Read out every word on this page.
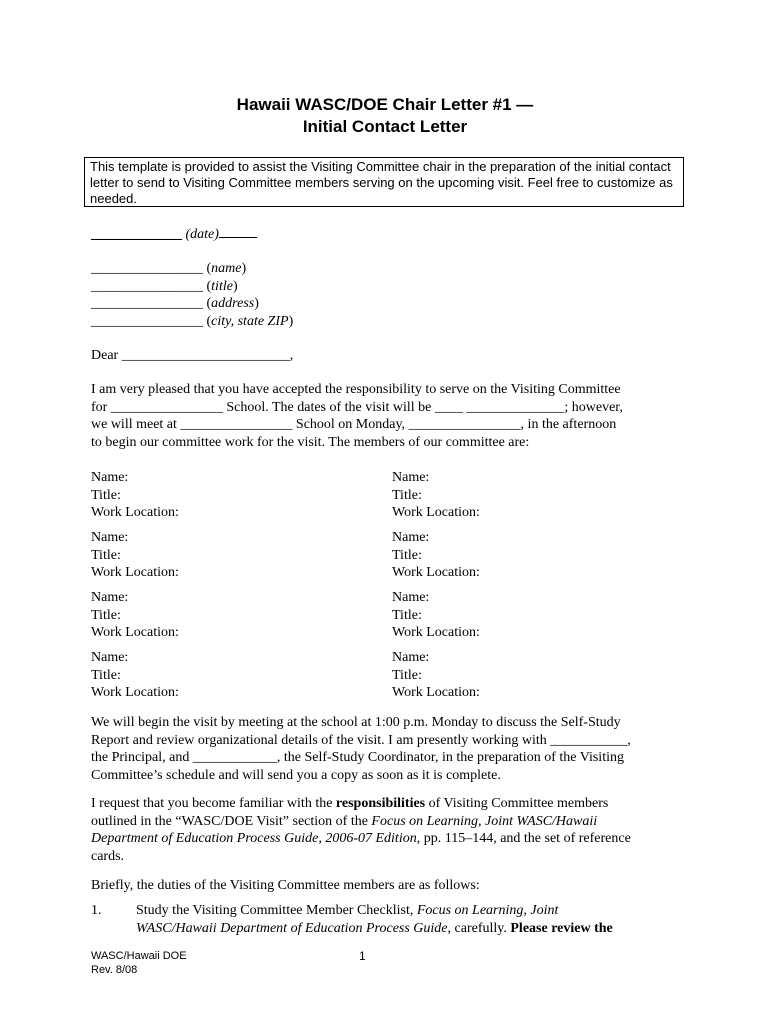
Hawaii WASC/DOE Chair Letter #1 —
Initial Contact Letter
This template is provided to assist the Visiting Committee chair in the preparation of the initial contact letter to send to Visiting Committee members serving on the upcoming visit. Feel free to customize as needed.
_____________ (date)
________________ (name)
________________ (title)
________________ (address)
________________ (city, state ZIP)
Dear ________________________,
I am very pleased that you have accepted the responsibility to serve on the Visiting Committee
for ________________ School. The dates of the visit will be ____ ______________; however,
we will meet at ________________ School on Monday, ________________, in the afternoon
to begin our committee work for the visit. The members of our committee are:
Name:
Title:
Work Location:
Name:
Title:
Work Location:
Name:
Title:
Work Location:
Name:
Title:
Work Location:
Name:
Title:
Work Location:
Name:
Title:
Work Location:
Name:
Title:
Work Location:
Name:
Title:
Work Location:
We will begin the visit by meeting at the school at 1:00 p.m. Monday to discuss the Self-Study
Report and review organizational details of the visit. I am presently working with ___________,
the Principal, and ____________, the Self-Study Coordinator, in the preparation of the Visiting
Committee’s schedule and will send you a copy as soon as it is complete.
I request that you become familiar with the responsibilities of Visiting Committee members
outlined in the “WASC/DOE Visit” section of the Focus on Learning, Joint WASC/Hawaii
Department of Education Process Guide, 2006-07 Edition, pp. 115–144, and the set of reference
cards.
Briefly, the duties of the Visiting Committee members are as follows:
1. Study the Visiting Committee Member Checklist, Focus on Learning, Joint
WASC/Hawaii Department of Education Process Guide, carefully. Please review the
WASC/Hawaii DOE
Rev. 8/08
1
